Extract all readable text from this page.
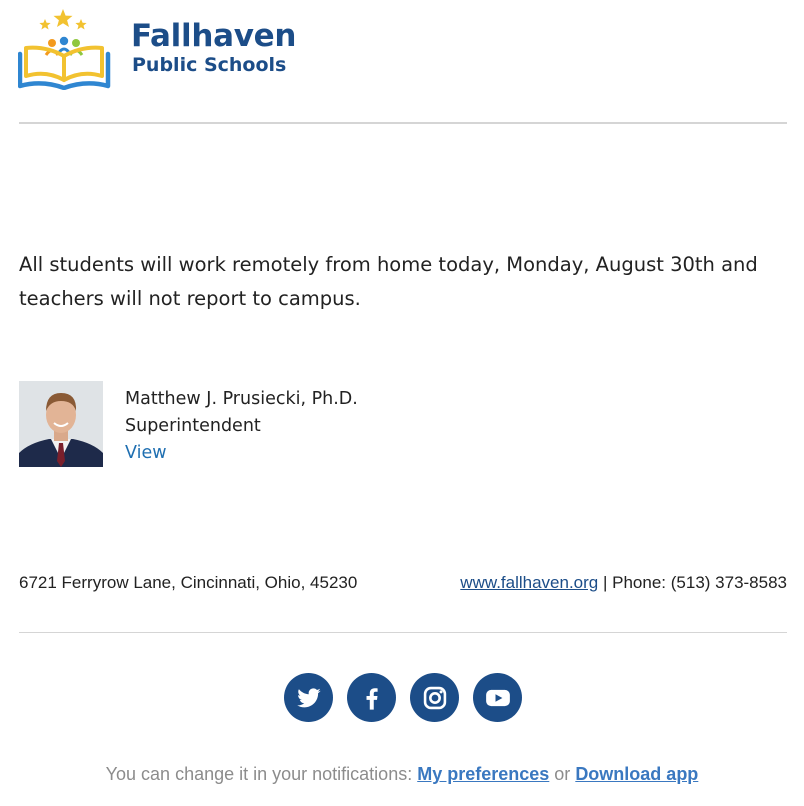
Fallhaven
Public Schools

All students will work remotely from home today, Monday, August 30th and teachers will not report to campus.

Matthew J. Prusiecki, Ph.D.
Superintendent
View
6721 Ferryrow Lane, Cincinnati, Ohio, 45230	www.fallhaven.org | Phone: (513) 373-8583
You can change it in your notifications: My preferences or Download app
